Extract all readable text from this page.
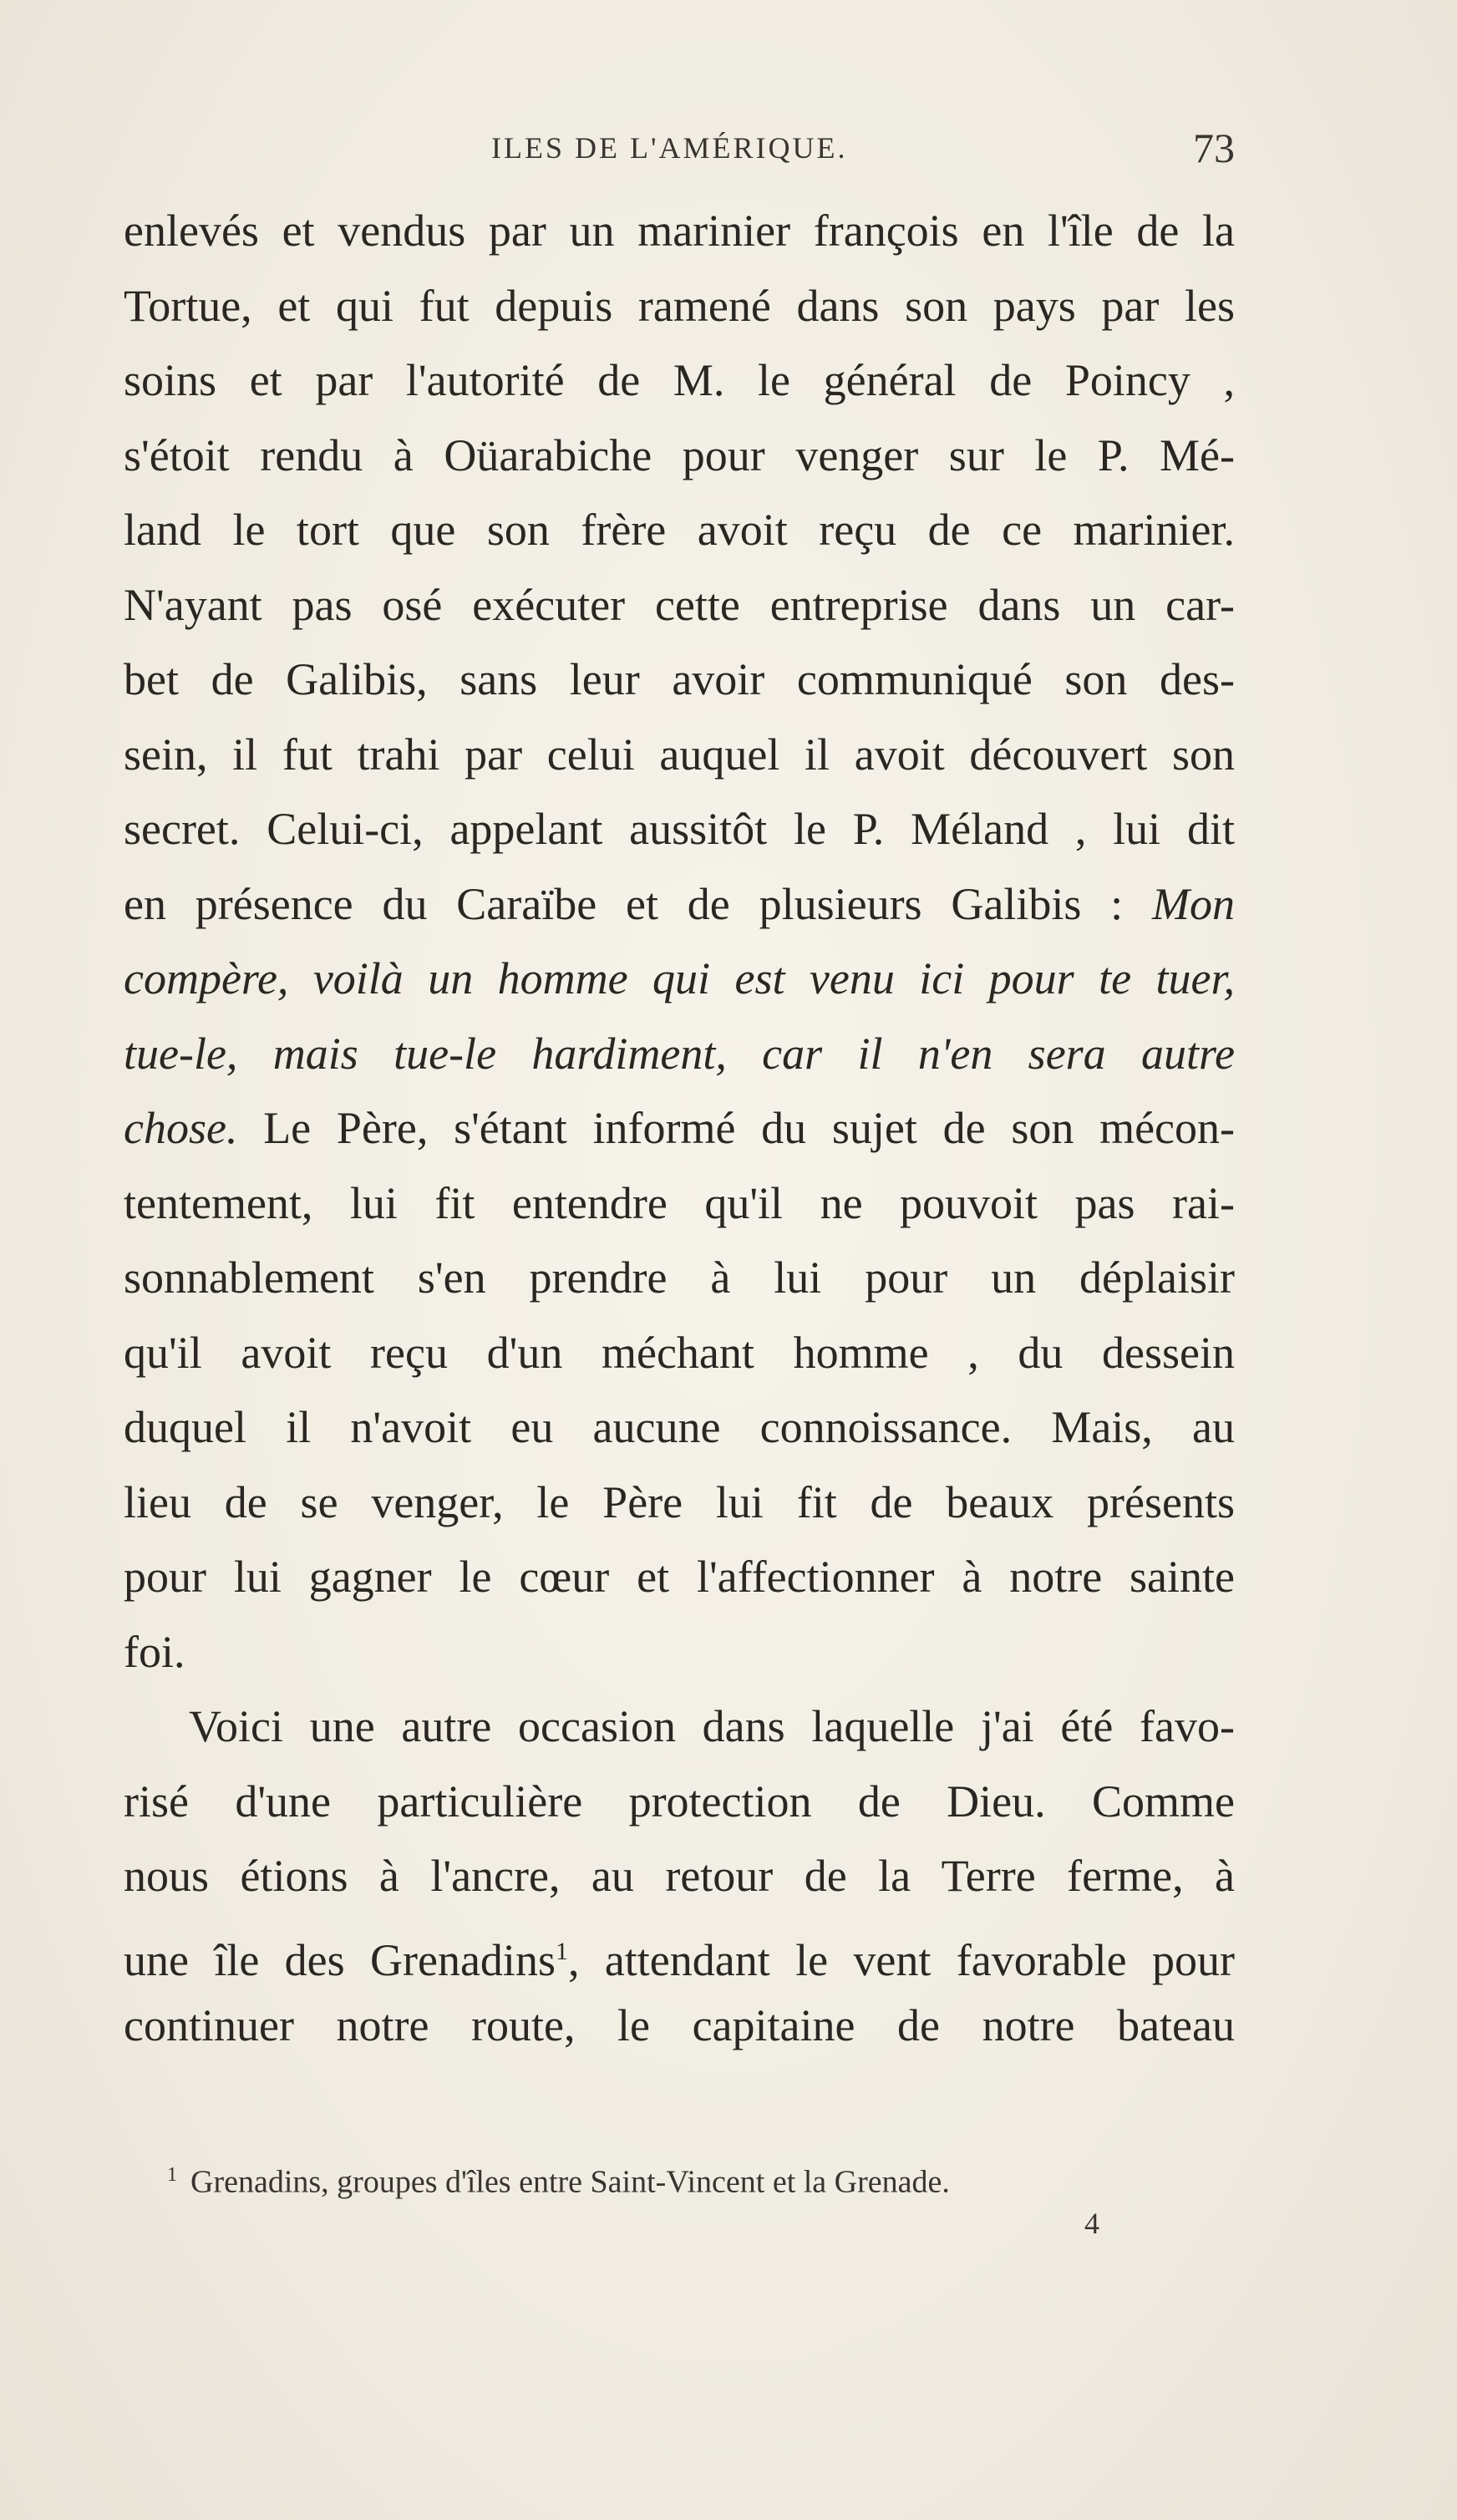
ILES DE L'AMÉRIQUE.	73
enlevés et vendus par un marinier françois en l'île de la
Tortue, et qui fut depuis ramené dans son pays par les
soins et par l'autorité de M. le général de Poincy ,
s'étoit rendu à Oüarabiche pour venger sur le P. Mé-
land le tort que son frère avoit reçu de ce marinier.
N'ayant pas osé exécuter cette entreprise dans un car-
bet de Galibis, sans leur avoir communiqué son des-
sein, il fut trahi par celui auquel il avoit découvert son
secret. Celui-ci, appelant aussitôt le P. Méland , lui dit
en présence du Caraïbe et de plusieurs Galibis : Mon
compère, voilà un homme qui est venu ici pour te tuer,
tue-le, mais tue-le hardiment, car il n'en sera autre
chose. Le Père, s'étant informé du sujet de son mécon-
tentement, lui fit entendre qu'il ne pouvoit pas rai-
sonnablement s'en prendre à lui pour un déplaisir
qu'il avoit reçu d'un méchant homme , du dessein
duquel il n'avoit eu aucune connoissance. Mais, au
lieu de se venger, le Père lui fit de beaux présents
pour lui gagner le cœur et l'affectionner à notre sainte
foi.
Voici une autre occasion dans laquelle j'ai été favo-
risé d'une particulière protection de Dieu. Comme
nous étions à l'ancre, au retour de la Terre ferme, à
une île des Grenadins$^1$, attendant le vent favorable pour
continuer notre route, le capitaine de notre bateau
$^1$ Grenadins, groupes d'îles entre Saint-Vincent et la Grenade.
4
